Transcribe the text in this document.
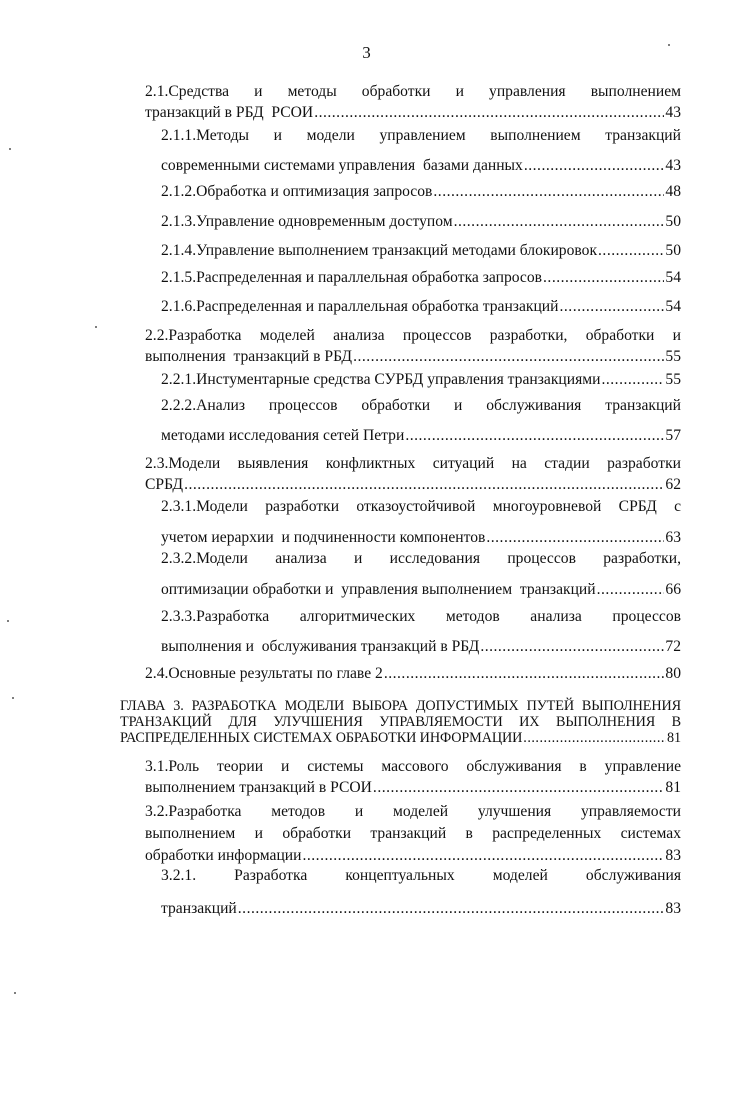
3
2.1.Средства и методы обработки и управления выполнением
транзакций в РБД  РСОИ .....	43
2.1.1.Методы и модели управлением выполнением транзакций
современными системами управления  базами данных .....	43
2.1.2.Обработка и оптимизация запросов .....	48
2.1.3.Управление одновременным доступом .....	50
2.1.4.Управление выполнением транзакций методами блокировок .....	50
2.1.5.Распределенная и параллельная обработка запросов .....	54
2.1.6.Распределенная и параллельная обработка транзакций .....	54
2.2.Разработка моделей анализа процессов разработки, обработки и
выполнения  транзакций в РБД .....	55
2.2.1.Инстументарные средства СУРБД управления транзакциями .....	55
2.2.2.Анализ процессов обработки и обслуживания транзакций
методами исследования сетей Петри .....	57
2.3.Модели выявления конфликтных ситуаций на стадии разработки
СРБД .....	62
2.3.1.Модели разработки отказоустойчивой многоуровневой СРБД с
учетом иерархии  и подчиненности компонентов .....	63
2.3.2.Модели анализа и исследования процессов разработки,
оптимизации обработки и  управления выполнением  транзакций .....	66
2.3.3.Разработка алгоритмических методов анализа процессов
выполнения и  обслуживания транзакций в РБД .....	72
2.4.Основные результаты по главе 2 .....	80
ГЛАВА 3. РАЗРАБОТКА МОДЕЛИ ВЫБОРА ДОПУСТИМЫХ ПУТЕЙ ВЫПОЛНЕНИЯ
ТРАНЗАКЦИЙ ДЛЯ УЛУЧШЕНИЯ УПРАВЛЯЕМОСТИ ИХ ВЫПОЛНЕНИЯ В
РАСПРЕДЕЛЕННЫХ СИСТЕМАХ ОБРАБОТКИ ИНФОРМАЦИИ .....	81
3.1.Роль теории и системы массового обслуживания в управление
выполнением транзакций в РСОИ .....	81
3.2.Разработка методов и моделей улучшения управляемости
выполнением и обработки транзакций в распределенных системах
обработки информации .....	83
3.2.1. Разработка концептуальных моделей обслуживания
транзакций .....	83
